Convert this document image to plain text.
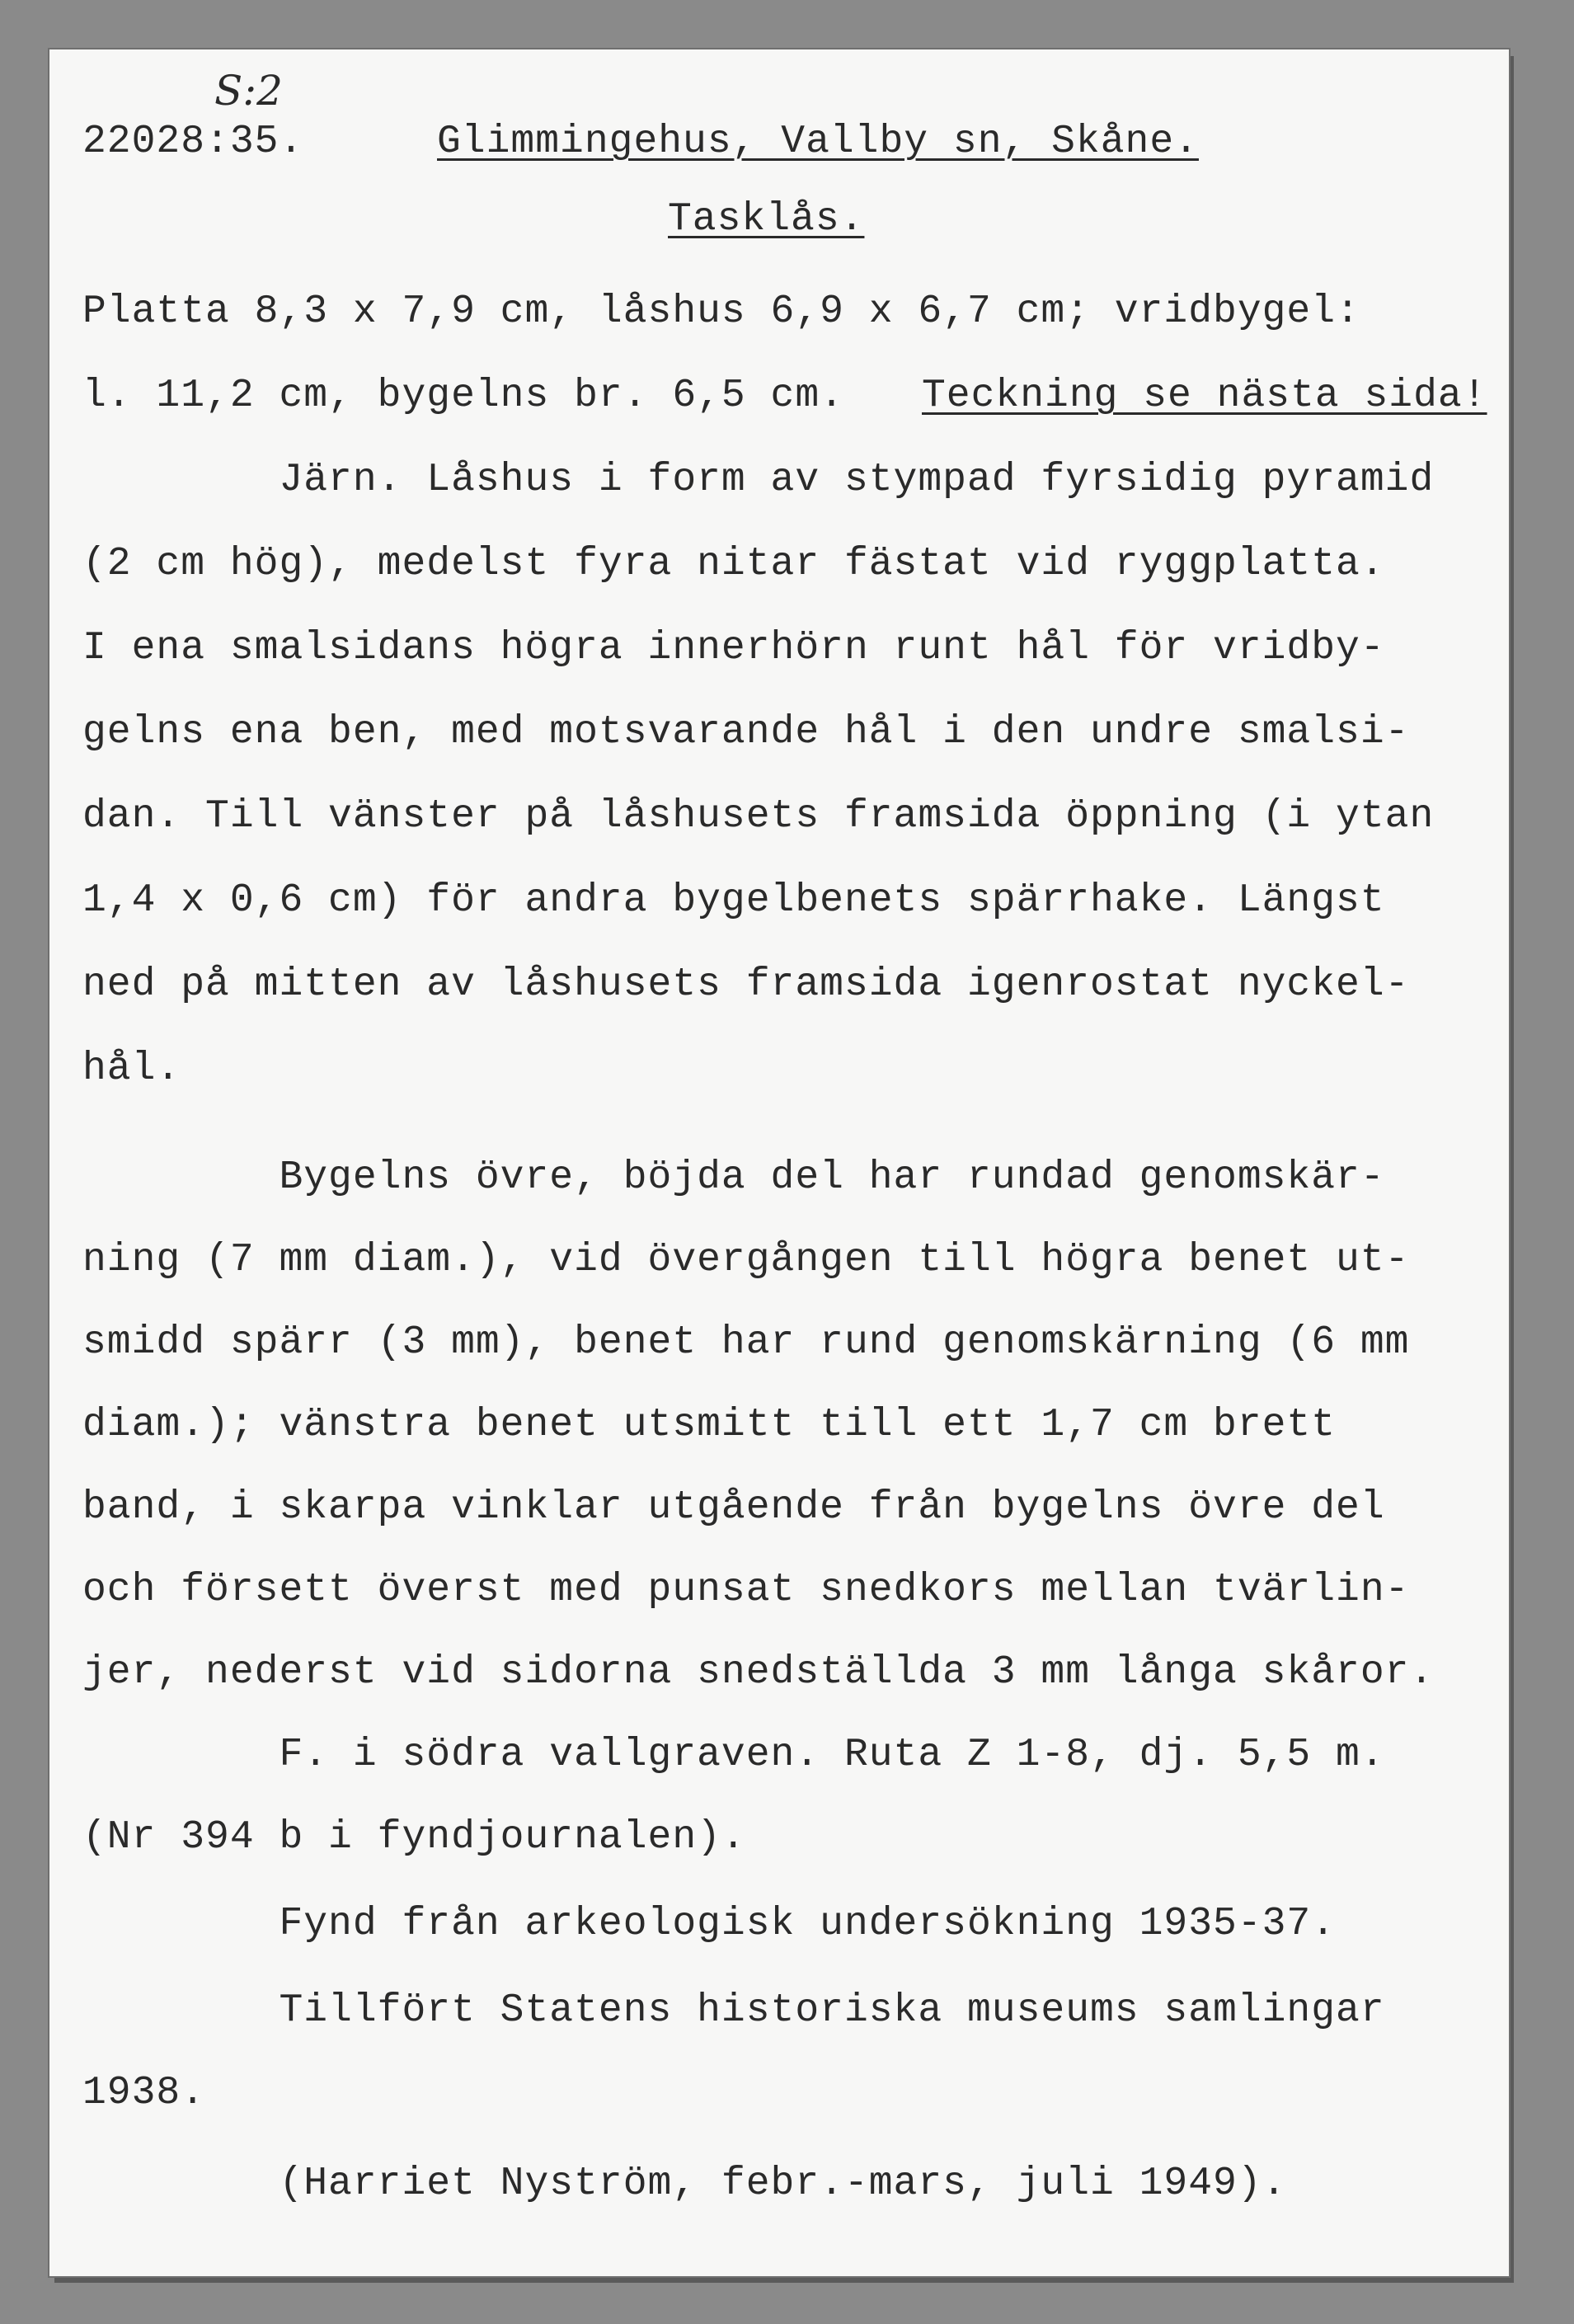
S:2
22028:35.	Glimmingehus, Vallby sn, Skåne.
Tasklås.
Platta 8,3 x 7,9 cm, låshus 6,9 x 6,7 cm; vridbygel:
l. 11,2 cm, bygelns br. 6,5 cm. Teckning se nästa sida!
Järn. Låshus i form av stympad fyrsidig pyramid
(2 cm hög), medelst fyra nitar fästat vid ryggplatta.
I ena smalsidans högra innerhörn runt hål för vridby-
gelns ena ben, med motsvarande hål i den undre smalsi-
dan. Till vänster på låshusets framsida öppning (i ytan
1,4 x 0,6 cm) för andra bygelbenets spärrhake. Längst
ned på mitten av låshusets framsida igenrostat nyckel-
hål.
Bygelns övre, böjda del har rundad genomskär-
ning (7 mm diam.), vid övergången till högra benet ut-
smidd spärr (3 mm), benet har rund genomskärning (6 mm
diam.); vänstra benet utsmitt till ett 1,7 cm brett
band, i skarpa vinklar utgående från bygelns övre del
och försett överst med punsat snedkors mellan tvärlin-
jer, nederst vid sidorna snedställda 3 mm långa skåror.
F. i södra vallgraven. Ruta Z 1-8, dj. 5,5 m.
(Nr 394 b i fyndjournalen).
Fynd från arkeologisk undersökning 1935-37.
Tillfört Statens historiska museums samlingar
1938.
(Harriet Nyström, febr.-mars, juli 1949).
